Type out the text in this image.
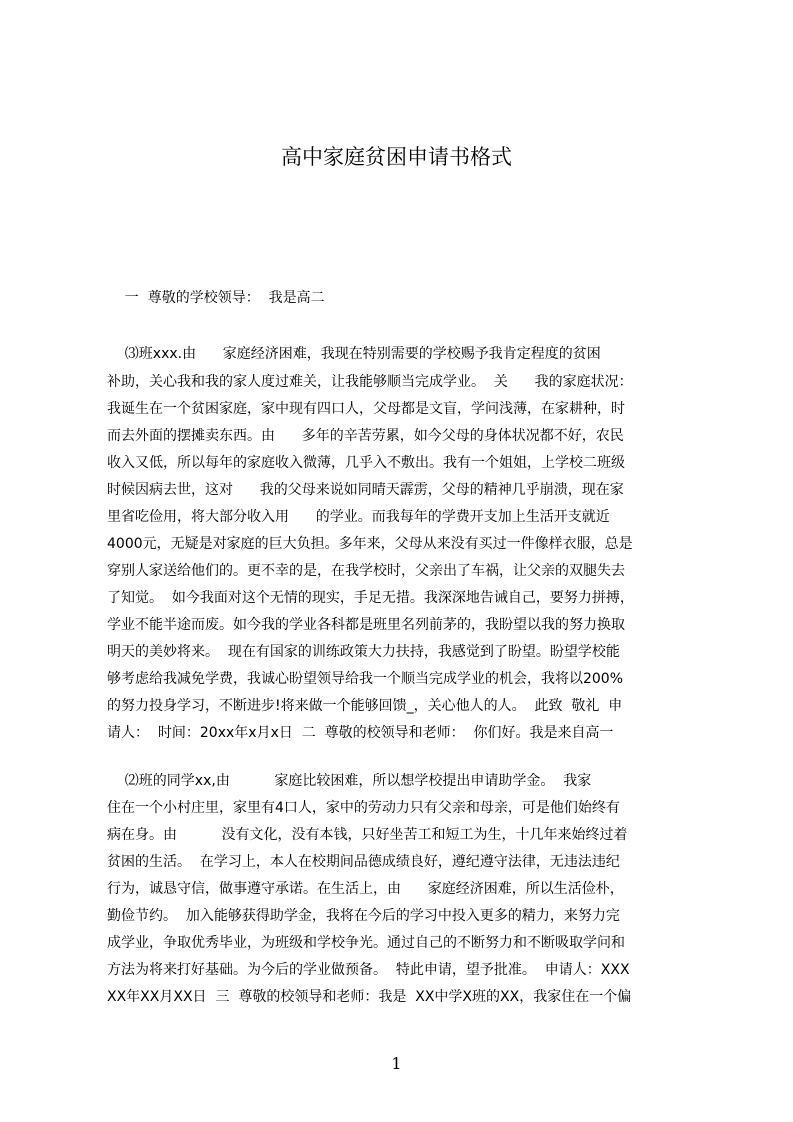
高中家庭贫困申请书格式
一  尊敬的学校领导：  我是高二
⑶班xxx.由      家庭经济困难，我现在特别需要的学校赐予我肯定程度的贫困
补助，关心我和我的家人度过难关，让我能够顺当完成学业。  关      我的家庭状况：
我诞生在一个贫困家庭，家中现有四口人，父母都是文盲，学问浅薄，在家耕种，时
而去外面的摆摊卖东西。由      多年的辛苦劳累，如今父母的身体状况都不好，农民
收入又低，所以每年的家庭收入微薄，几乎入不敷出。我有一个姐姐，上学校二班级
时候因病去世，这对      我的父母来说如同晴天霹雳，父母的精神几乎崩溃，现在家
里省吃俭用，将大部分收入用      的学业。而我每年的学费开支加上生活开支就近
4000元，无疑是对家庭的巨大负担。多年来，父母从来没有买过一件像样衣服，总是
穿别人家送给他们的。更不幸的是，在我学校时，父亲出了车祸，让父亲的双腿失去
了知觉。  如今我面对这个无情的现实，手足无措。我深深地告诫自己，要努力拼搏，
学业不能半途而废。如今我的学业各科都是班里名列前茅的，我盼望以我的努力换取
明天的美妙将来。  现在有国家的训练政策大力扶持，我感觉到了盼望。盼望学校能
够考虑给我减免学费，我诚心盼望领导给我一个顺当完成学业的机会，我将以200%
的努力投身学习，不断进步!将来做一个能够回馈_，关心他人的人。  此致  敬礼  申
请人：  时间：20xx年x月x日  二  尊敬的校领导和老师：  你们好。我是来自高一
⑵班的同学xx,由          家庭比较困难，所以想学校提出申请助学金。  我家
住在一个小村庄里，家里有4口人，家中的劳动力只有父亲和母亲，可是他们始终有
病在身。由          没有文化，没有本钱，只好坐苦工和短工为生，十几年来始终过着
贫困的生活。  在学习上，本人在校期间品德成绩良好，遵纪遵守法律，无违法违纪
行为，诚恳守信，做事遵守承诺。在生活上，由      家庭经济困难，所以生活俭朴，
勤俭节约。  加入能够获得助学金，我将在今后的学习中投入更多的精力，来努力完
成学业，争取优秀毕业，为班级和学校争光。通过自己的不断努力和不断吸取学问和
方法为将来打好基础。为今后的学业做预备。  特此申请，望予批准。  申请人：XXX
XX年XX月XX日  三  尊敬的校领导和老师：我是  XX中学X班的XX，我家住在一个偏
1
